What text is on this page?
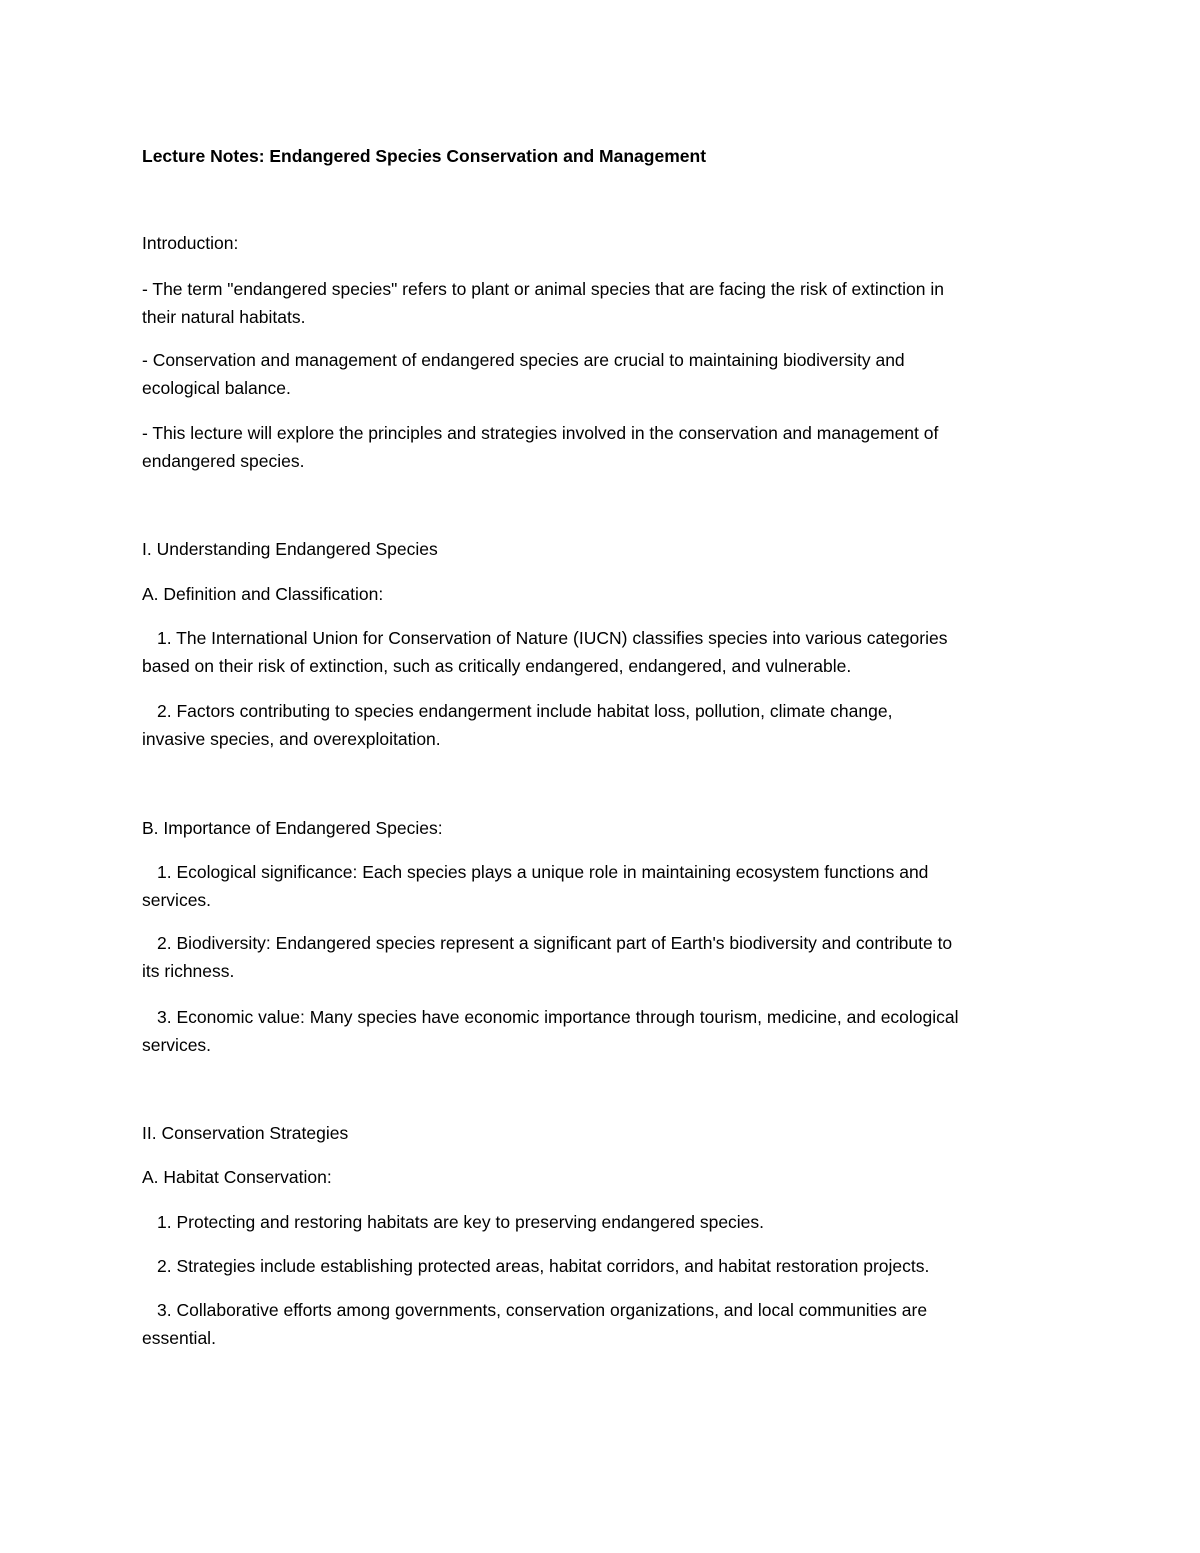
Lecture Notes: Endangered Species Conservation and Management
Introduction:
- The term "endangered species" refers to plant or animal species that are facing the risk of extinction in
their natural habitats.
- Conservation and management of endangered species are crucial to maintaining biodiversity and
ecological balance.
- This lecture will explore the principles and strategies involved in the conservation and management of
endangered species.
I. Understanding Endangered Species
A. Definition and Classification:
1. The International Union for Conservation of Nature (IUCN) classifies species into various categories
based on their risk of extinction, such as critically endangered, endangered, and vulnerable.
2. Factors contributing to species endangerment include habitat loss, pollution, climate change,
invasive species, and overexploitation.
B. Importance of Endangered Species:
1. Ecological significance: Each species plays a unique role in maintaining ecosystem functions and
services.
2. Biodiversity: Endangered species represent a significant part of Earth's biodiversity and contribute to
its richness.
3. Economic value: Many species have economic importance through tourism, medicine, and ecological
services.
II. Conservation Strategies
A. Habitat Conservation:
1. Protecting and restoring habitats are key to preserving endangered species.
2. Strategies include establishing protected areas, habitat corridors, and habitat restoration projects.
3. Collaborative efforts among governments, conservation organizations, and local communities are
essential.
